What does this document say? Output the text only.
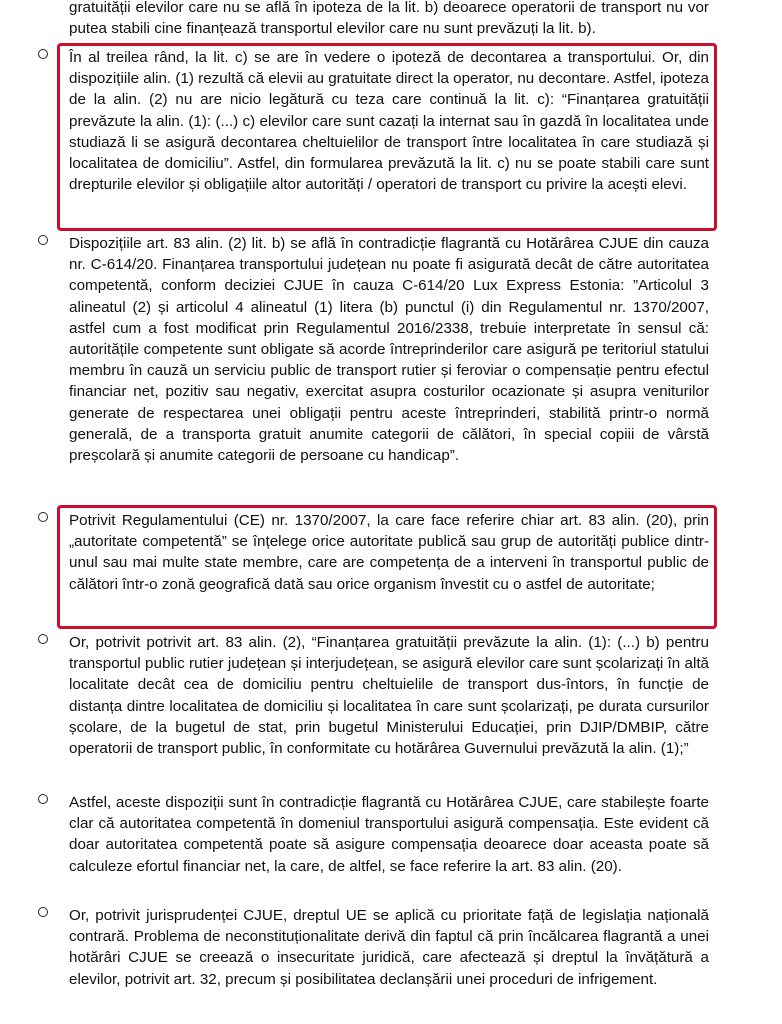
gratuității elevilor care nu se află în ipoteza de la lit. b) deoarece operatorii de transport nu vor putea stabili cine finanțează transportul elevilor care nu sunt prevăzuți la lit. b).

În al treilea rând, la lit. c) se are în vedere o ipoteză de decontarea a transportului. Or, din dispozițiile alin. (1) rezultă că elevii au gratuitate direct la operator, nu decontare. Astfel, ipoteza de la alin. (2) nu are nicio legătură cu teza care continuă la lit. c): “Finanțarea gratuității prevăzute la alin. (1): (...) c) elevilor care sunt cazați la internat sau în gazdă în localitatea unde studiază li se asigură decontarea cheltuielilor de transport între localitatea în care studiază și localitatea de domiciliu”. Astfel, din formularea prevăzută la lit. c) nu se poate stabili care sunt drepturile elevilor și obligațiile altor autorități / operatori de transport cu privire la acești elevi.

Dispozițiile art. 83 alin. (2) lit. b) se află în contradicție flagrantă cu Hotărârea CJUE din cauza nr. C-614/20. Finanțarea transportului județean nu poate fi asigurată decât de către autoritatea competentă, conform deciziei CJUE în cauza C-614/20 Lux Express Estonia: ”Articolul 3 alineatul (2) și articolul 4 alineatul (1) litera (b) punctul (i) din Regulamentul nr. 1370/2007, astfel cum a fost modificat prin Regulamentul 2016/2338, trebuie interpretate în sensul că: autoritățile competente sunt obligate să acorde întreprinderilor care asigură pe teritoriul statului membru în cauză un serviciu public de transport rutier și feroviar o compensație pentru efectul financiar net, pozitiv sau negativ, exercitat asupra costurilor ocazionate și asupra veniturilor generate de respectarea unei obligații pentru aceste întreprinderi, stabilită printr-o normă generală, de a transporta gratuit anumite categorii de călători, în special copiii de vârstă preșcolară și anumite categorii de persoane cu handicap”.

Potrivit Regulamentului (CE) nr. 1370/2007, la care face referire chiar art. 83 alin. (20), prin „autoritate competentă” se înțelege orice autoritate publică sau grup de autorități publice dintr-unul sau mai multe state membre, care are competența de a interveni în transportul public de călători într-o zonă geografică dată sau orice organism învestit cu o astfel de autoritate;

Or, potrivit potrivit art. 83 alin. (2), “Finanțarea gratuității prevăzute la alin. (1): (...) b) pentru transportul public rutier județean și interjudețean, se asigură elevilor care sunt școlarizați în altă localitate decât cea de domiciliu pentru cheltuielile de transport dus-întors, în funcție de distanța dintre localitatea de domiciliu și localitatea în care sunt școlarizați, pe durata cursurilor școlare, de la bugetul de stat, prin bugetul Ministerului Educației, prin DJIP/DMBIP, către operatorii de transport public, în conformitate cu hotărârea Guvernului prevăzută la alin. (1);”

Astfel, aceste dispoziții sunt în contradicție flagrantă cu Hotărârea CJUE, care stabilește foarte clar că autoritatea competentă în domeniul transportului asigură compensația. Este evident că doar autoritatea competentă poate să asigure compensația deoarece doar aceasta poate să calculeze efortul financiar net, la care, de altfel, se face referire la art. 83 alin. (20).

Or, potrivit jurisprudenței CJUE, dreptul UE se aplică cu prioritate față de legislația națională contrară. Problema de neconstituționalitate derivă din faptul că prin încălcarea flagrantă a unei hotărâri CJUE se creează o insecuritate juridică, care afectează și dreptul la învățătură a elevilor, potrivit art. 32, precum și posibilitatea declanșării unei proceduri de infrigement.
